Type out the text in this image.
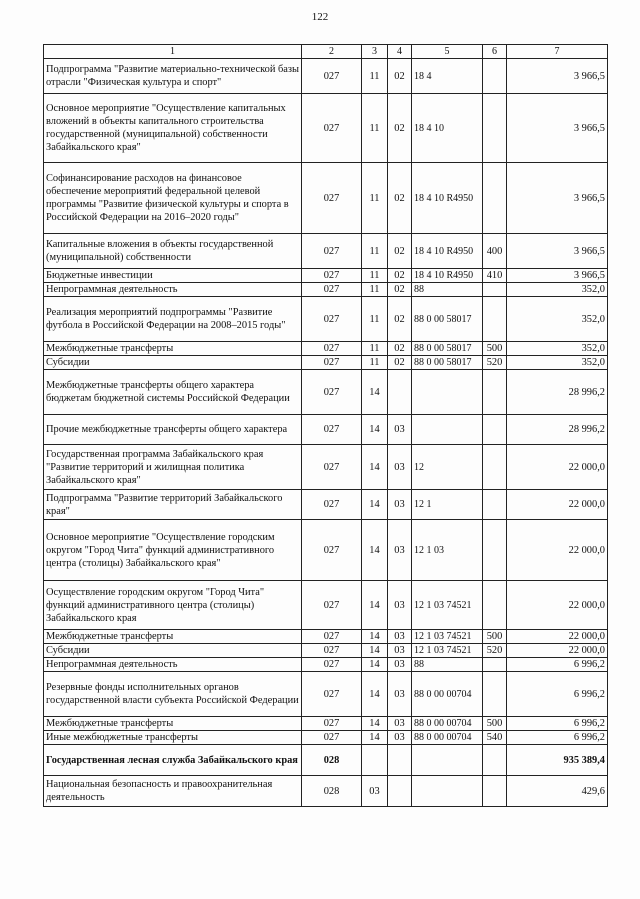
122
1	2	3	4	5	6	7
Подпрограмма "Развитие материально-технической базы отрасли "Физическая культура и спорт"	027	11	02	18 4		3 966,5
Основное мероприятие "Осуществление капитальных вложений в объекты капитального строительства государственной (муниципальной) собственности Забайкальского края"	027	11	02	18 4 10		3 966,5
Софинансирование расходов на финансовое обеспечение мероприятий федеральной целевой программы "Развитие физической культуры и спорта в Российской Федерации на 2016–2020 годы"	027	11	02	18 4 10 R4950		3 966,5
Капитальные вложения в объекты государственной (муниципальной) собственности	027	11	02	18 4 10 R4950	400	3 966,5
Бюджетные инвестиции	027	11	02	18 4 10 R4950	410	3 966,5
Непрограммная деятельность	027	11	02	88		352,0
Реализация мероприятий подпрограммы "Развитие футбола в Российской Федерации на 2008–2015 годы"	027	11	02	88 0 00 58017		352,0
Межбюджетные трансферты	027	11	02	88 0 00 58017	500	352,0
Субсидии	027	11	02	88 0 00 58017	520	352,0
Межбюджетные трансферты общего характера бюджетам бюджетной системы Российской Федерации	027	14				28 996,2
Прочие межбюджетные трансферты общего характера	027	14	03			28 996,2
Государственная программа Забайкальского края "Развитие территорий и жилищная политика Забайкальского края"	027	14	03	12		22 000,0
Подпрограмма "Развитие территорий Забайкальского края"	027	14	03	12 1		22 000,0
Основное мероприятие "Осуществление городским округом "Город Чита" функций административного центра (столицы) Забайкальского края"	027	14	03	12 1 03		22 000,0
Осуществление городским округом "Город Чита" функций административного центра (столицы) Забайкальского края	027	14	03	12 1 03 74521		22 000,0
Межбюджетные трансферты	027	14	03	12 1 03 74521	500	22 000,0
Субсидии	027	14	03	12 1 03 74521	520	22 000,0
Непрограммная деятельность	027	14	03	88		6 996,2
Резервные фонды исполнительных органов государственной власти субъекта Российской Федерации	027	14	03	88 0 00 00704		6 996,2
Межбюджетные трансферты	027	14	03	88 0 00 00704	500	6 996,2
Иные межбюджетные трансферты	027	14	03	88 0 00 00704	540	6 996,2
Государственная лесная служба Забайкальского края	028					935 389,4
Национальная безопасность и правоохранительная деятельность	028	03				429,6
